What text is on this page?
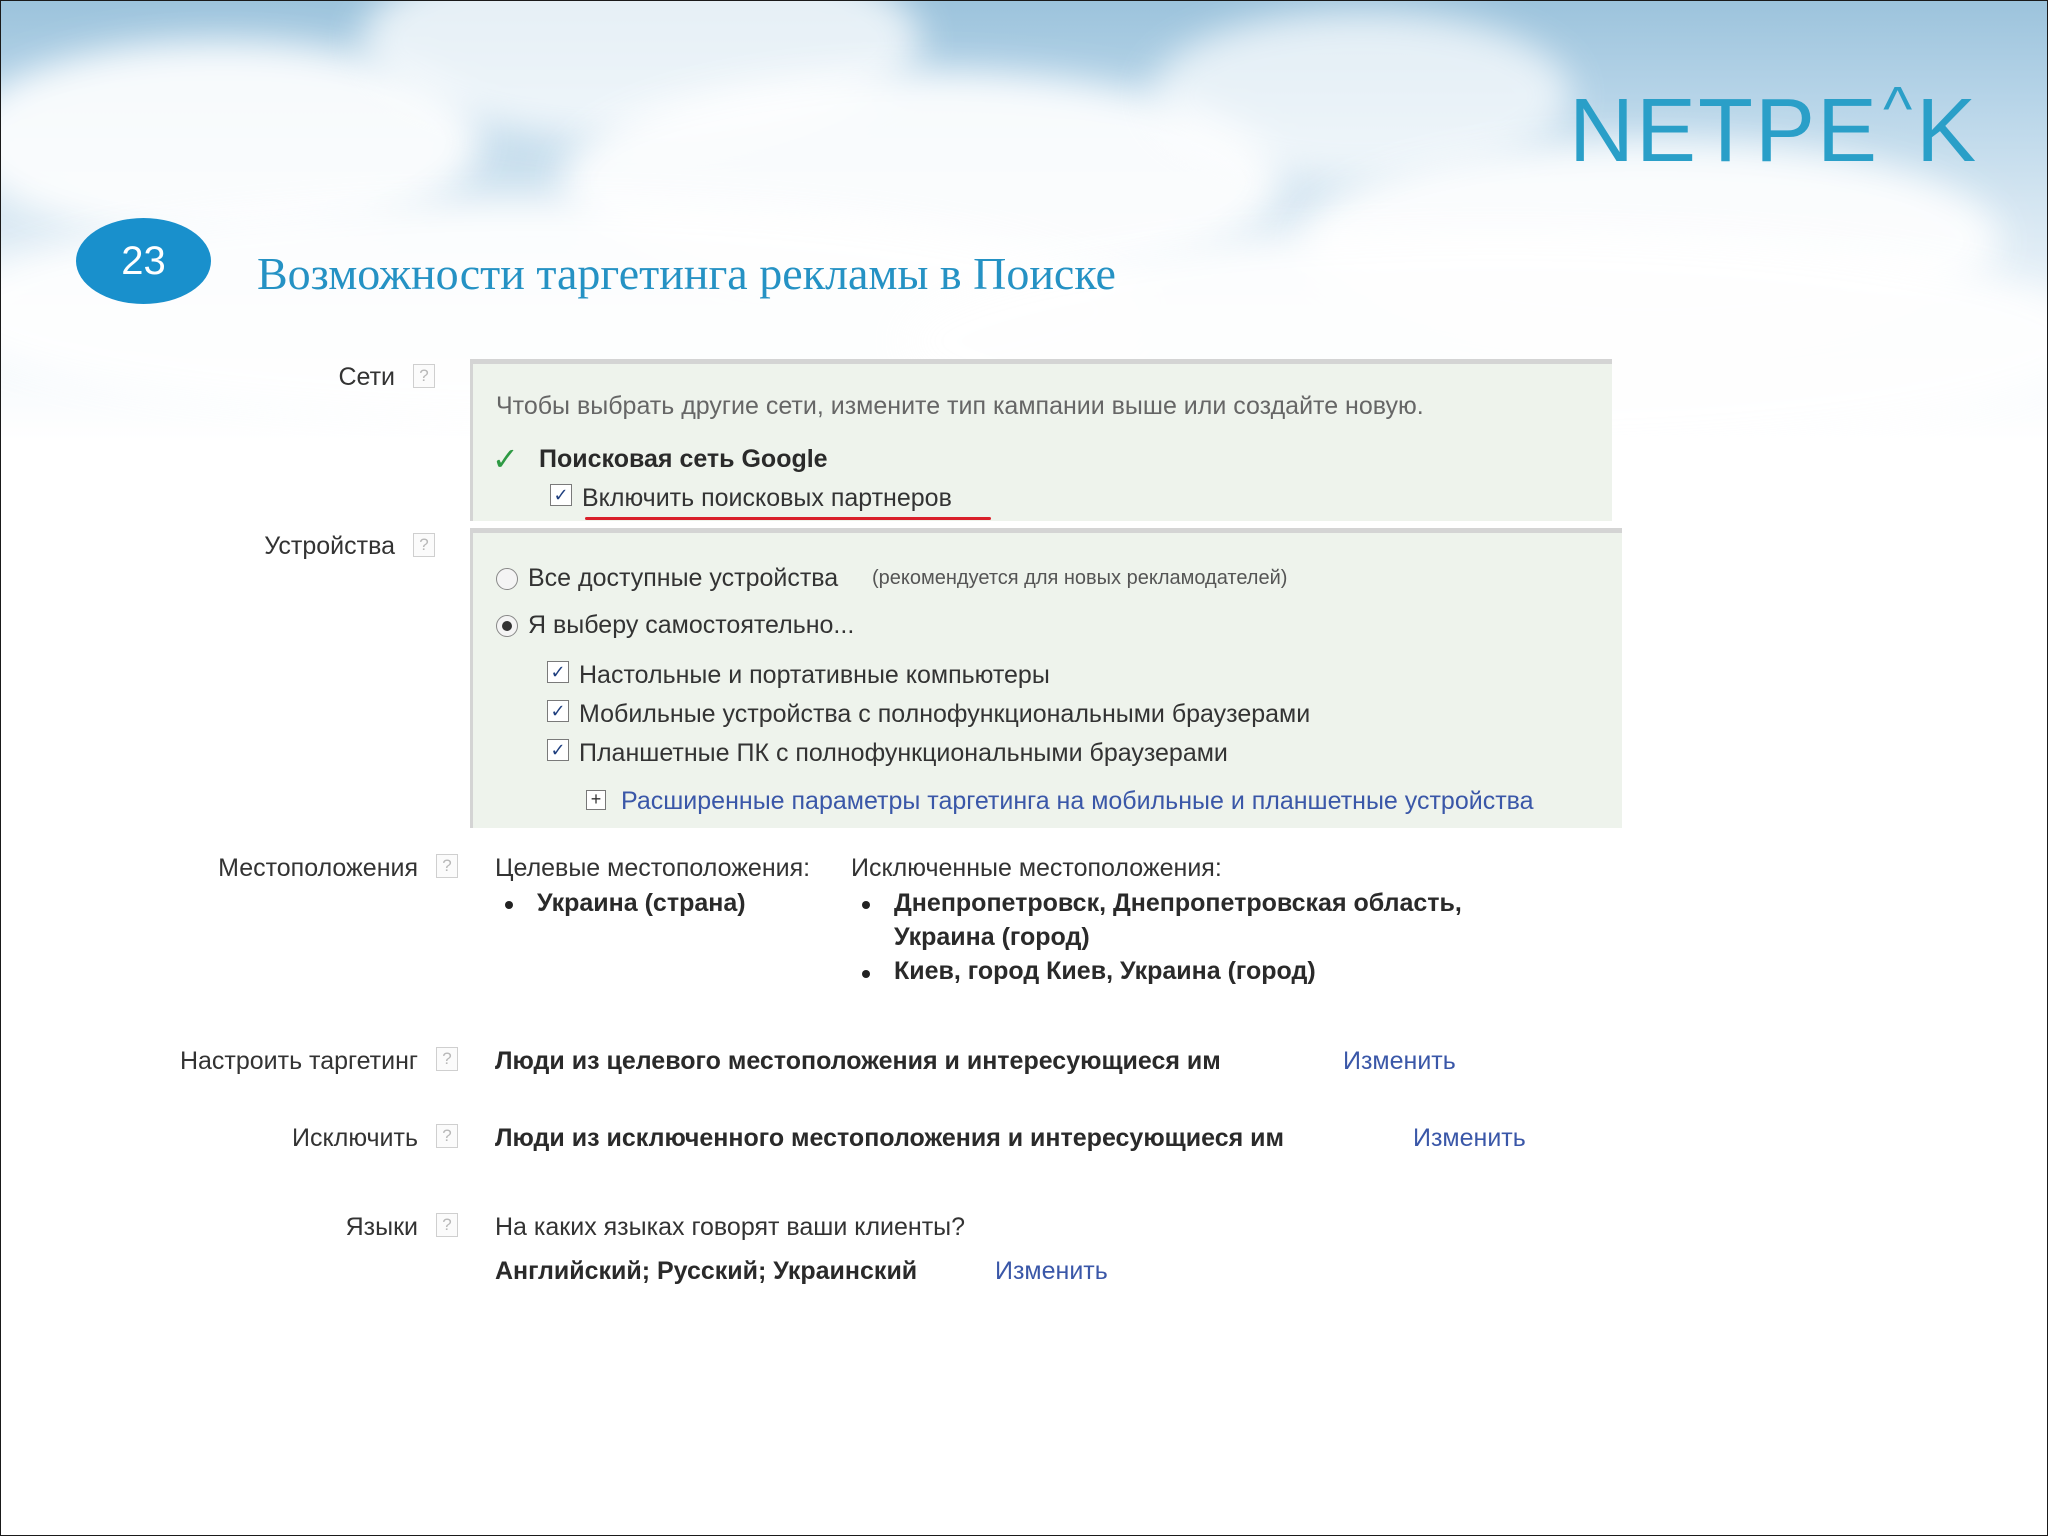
NETPE ^ K
23 Возможности таргетинга рекламы в Поиске
Сети	?
Чтобы выбрать другие сети, измените тип кампании выше или создайте новую.
✓ Поисковая сеть Google
✓ Включить поисковых партнеров
Устройства	?
Все доступные устройства (рекомендуется для новых рекламодателей)
Я выберу самостоятельно...
✓ Настольные и портативные компьютеры
✓ Мобильные устройства с полнофункциональными браузерами
✓ Планшетные ПК с полнофункциональными браузерами
+ Расширенные параметры таргетинга на мобильные и планшетные устройства
Местоположения	? Целевые местоположения: Исключенные местоположения:
Украина (страна)	Днепропетровск, Днепропетровская область,
Украина (город)
Киев, город Киев, Украина (город)
Настроить таргетинг	? Люди из целевого местоположения и интересующиеся им	Изменить
Исключить	? Люди из исключенного местоположения и интересующиеся им	Изменить
Языки	? На каких языках говорят ваши клиенты?
Английский; Русский; Украинский	Изменить
